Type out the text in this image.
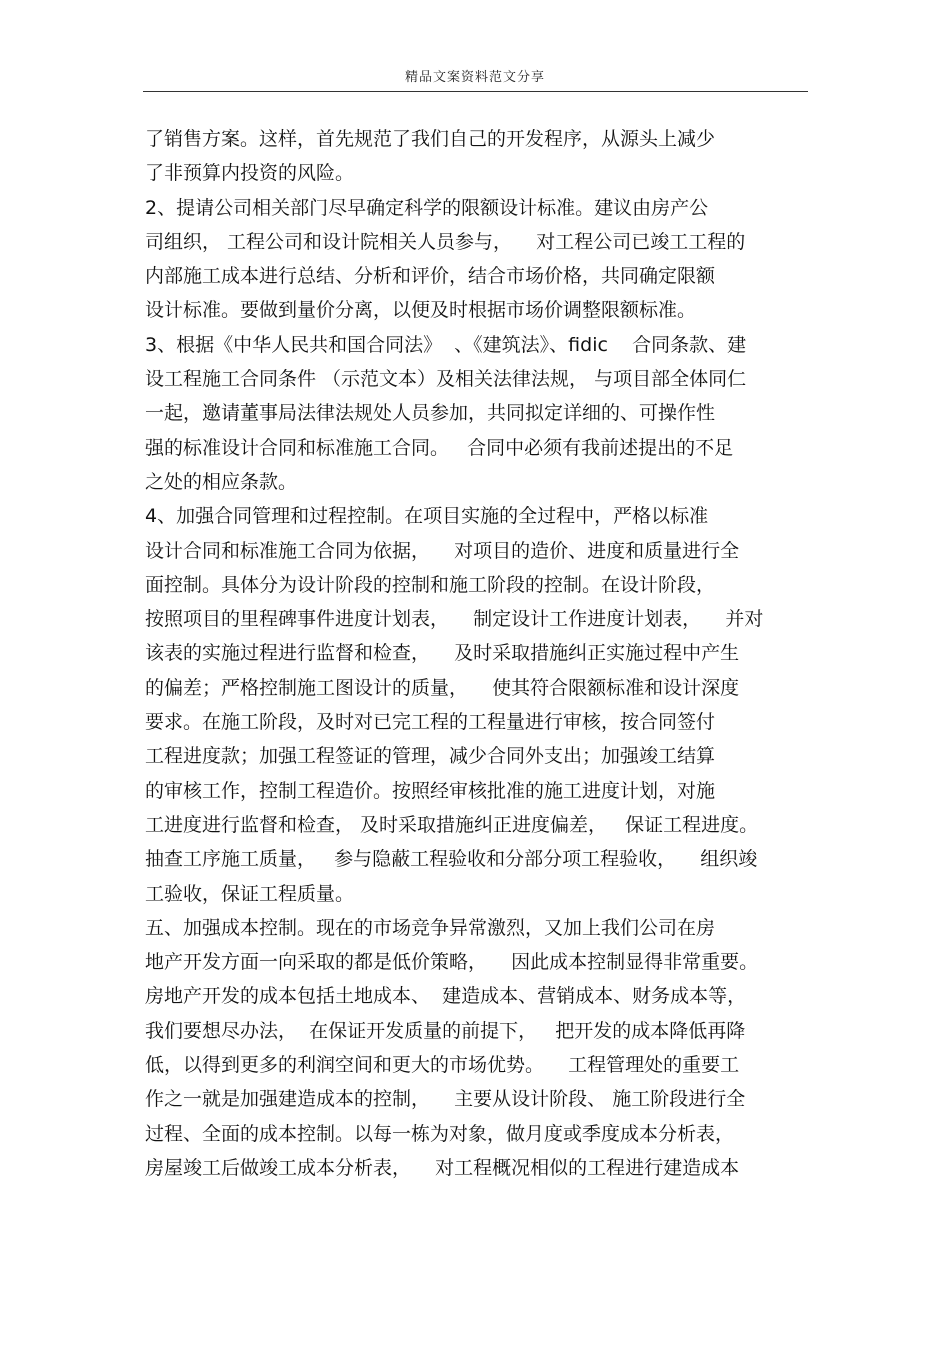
精品文案资料范文分享
了销售方案。这样，首先规范了我们自己的开发程序，从源头上减少
了非预算内投资的风险。
2、提请公司相关部门尽早确定科学的限额设计标准。建议由房产公
司组织， 工程公司和设计院相关人员参与，    对工程公司已竣工工程的
内部施工成本进行总结、分析和评价，结合市场价格，共同确定限额
设计标准。要做到量价分离，以便及时根据市场价调整限额标准。
3、根据《中华人民共和国合同法》  、《建筑法》、fidic    合同条款、建
设工程施工合同条件 （示范文本）及相关法律法规， 与项目部全体同仁
一起，邀请董事局法律法规处人员参加，共同拟定详细的、可操作性
强的标准设计合同和标准施工合同。   合同中必须有我前述提出的不足
之处的相应条款。
4、加强合同管理和过程控制。在项目实施的全过程中，严格以标准
设计合同和标准施工合同为依据，    对项目的造价、进度和质量进行全
面控制。具体分为设计阶段的控制和施工阶段的控制。在设计阶段，
按照项目的里程碑事件进度计划表，    制定设计工作进度计划表，    并对
该表的实施过程进行监督和检查，    及时采取措施纠正实施过程中产生
的偏差；严格控制施工图设计的质量，    使其符合限额标准和设计深度
要求。在施工阶段，及时对已完工程的工程量进行审核，按合同签付
工程进度款；加强工程签证的管理，减少合同外支出；加强竣工结算
的审核工作，控制工程造价。按照经审核批准的施工进度计划，对施
工进度进行监督和检查， 及时采取措施纠正进度偏差，   保证工程进度。
抽查工序施工质量，   参与隐蔽工程验收和分部分项工程验收，    组织竣
工验收，保证工程质量。
五、加强成本控制。现在的市场竞争异常激烈，又加上我们公司在房
地产开发方面一向采取的都是低价策略，    因此成本控制显得非常重要。
房地产开发的成本包括土地成本、  建造成本、营销成本、财务成本等，
我们要想尽办法，  在保证开发质量的前提下，   把开发的成本降低再降
低，以得到更多的利润空间和更大的市场优势。    工程管理处的重要工
作之一就是加强建造成本的控制，    主要从设计阶段、 施工阶段进行全
过程、全面的成本控制。以每一栋为对象，做月度或季度成本分析表，
房屋竣工后做竣工成本分析表，    对工程概况相似的工程进行建造成本
